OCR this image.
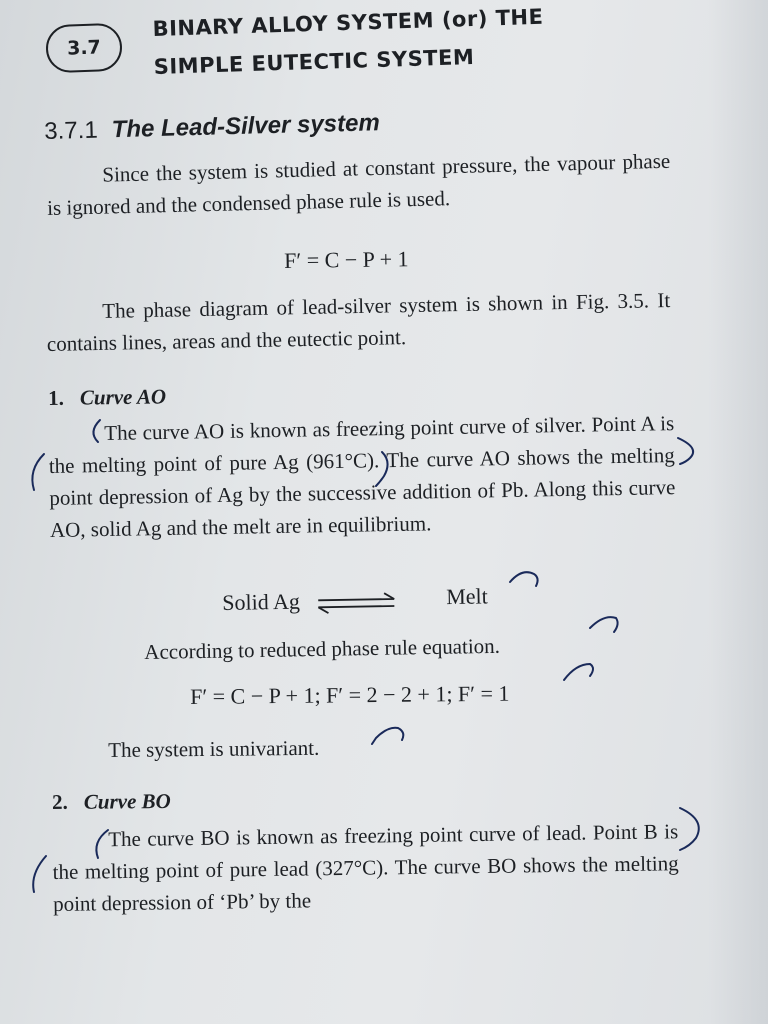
3.7
BINARY ALLOY SYSTEM (or) THE
SIMPLE EUTECTIC SYSTEM
3.7.1 The Lead-Silver system
Since the system is studied at constant pressure, the vapour phase is ignored and the condensed phase rule is used.
F′ = C − P + 1
The phase diagram of lead-silver system is shown in Fig. 3.5. It contains lines, areas and the eutectic point.
1. Curve AO
The curve AO is known as freezing point curve of silver. Point A is the melting point of pure Ag (961°C). The curve AO shows the melting point depression of Ag by the successive addition of Pb. Along this curve AO, solid Ag and the melt are in equilibrium.
Solid Ag ⇌ Melt
According to reduced phase rule equation.
F′ = C − P + 1; F′ = 2 − 2 + 1; F′ = 1
The system is univariant.
2. Curve BO
The curve BO is known as freezing point curve of lead. Point B is the melting point of pure lead (327°C). The curve BO shows the melting point depression of ‘Pb’ by the
